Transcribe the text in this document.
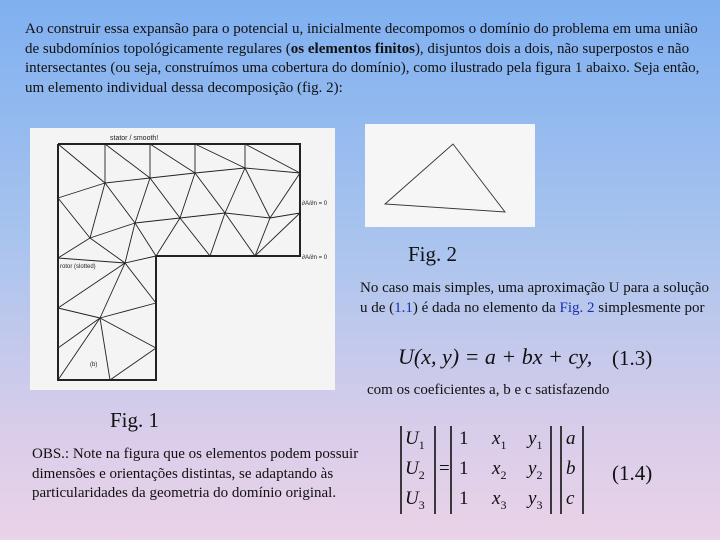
Ao construir essa expansão para o potencial u, inicialmente decompomos o domínio do problema em uma união de subdomínios topológicamente regulares (os elementos finitos), disjuntos dois a dois, não superpostos e não intersectantes (ou seja, construímos uma cobertura do domínio), como ilustrado pela figura 1 abaixo. Seja então, um elemento individual dessa decomposição (fig. 2):

stator / smooth!
rotor (slotted)
∂A/∂n = 0
∂A/∂n = 0
(b)
Fig. 2
Fig. 1

No caso mais simples, uma aproximação U para a solução u de (1.1) é dada no elemento da Fig. 2 simplesmente por

U(x, y) = a + bx + cy, (1.3)
com os coeficientes a, b e c satisfazendo

OBS.: Note na figura que os elementos podem possuir dimensões e orientações distintas, se adaptando às particularidades da geometria do domínio original.

$U_1$
$U_2$
$U_3$
=
1 $x_1$ $y_1$
1 $x_2$ $y_2$
1 $x_3$ $y_3$
a
b
c
(1.4)
